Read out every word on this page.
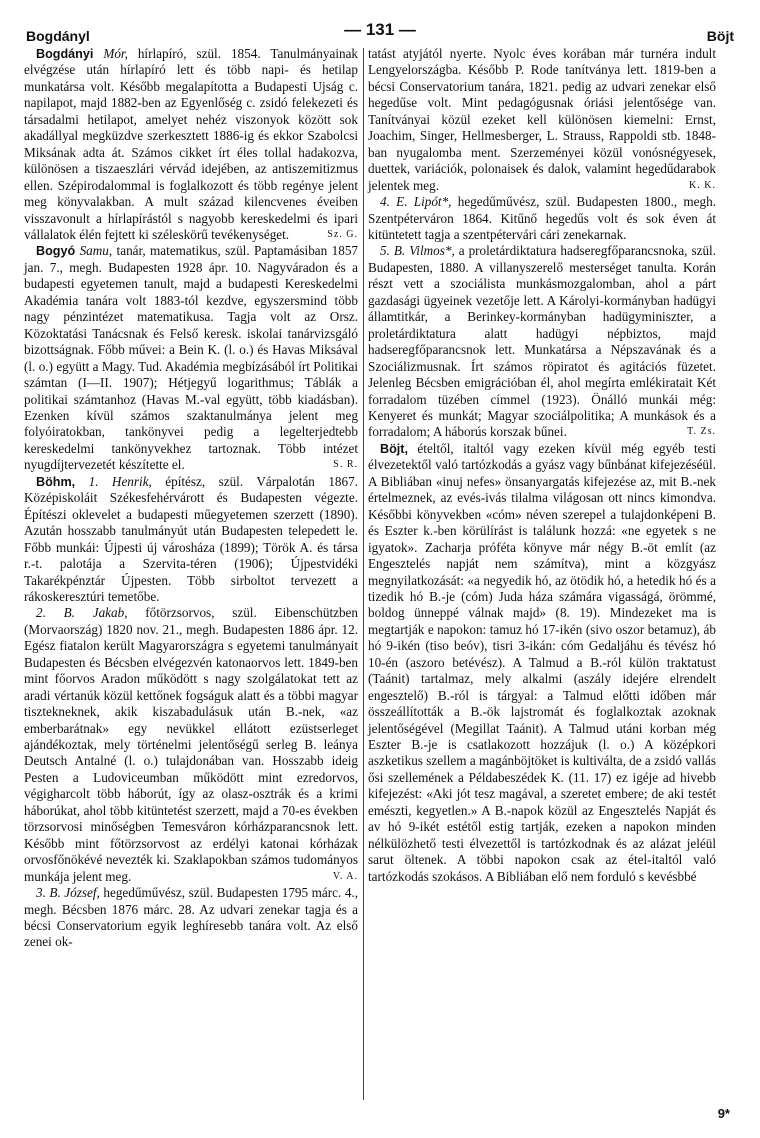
Bogdányl	— 131 —	Böjt

Bogdányi Mór, hírlapíró, szül. 1854. Tanulmányainak elvégzése után hírlapíró lett és több napi- és hetilap munkatársa volt. Később megalapította a Budapesti Ujság c. napilapot, majd 1882-ben az Egyenlőség c. zsidó felekezeti és társadalmi hetilapot, amelyet nehéz viszonyok között sok akadállyal megküzdve szerkesztett 1886-ig és ekkor Szabolcsi Miksának adta át. Számos cikket írt éles tollal hadakozva, különösen a tiszaeszlári vérvád idejében, az antiszemitizmus ellen. Szépirodalommal is foglalkozott és több regénye jelent meg könyvalakban. A mult század kilencvenes éveiben visszavonult a hírlapírástól s nagyobb kereskedelmi és ipari vállalatok élén fejtett ki széleskörű tevékenységet.	Sz. G.

Bogyó Samu, tanár, matematikus, szül. Paptamásiban 1857 jan. 7., megh. Budapesten 1928 ápr. 10. Nagyváradon és a budapesti egyetemen tanult, majd a budapesti Kereskedelmi Akadémia tanára volt 1883-tól kezdve, egyszersmind több nagy pénzintézet matematikusa. Tagja volt az Orsz. Közoktatási Tanácsnak és Felső keresk. iskolai tanárvizsgáló bizottságnak. Főbb művei: a Bein K. (l. o.) és Havas Miksával (l. o.) együtt a Magy. Tud. Akadémia megbízásából írt Politikai számtan (I—II. 1907); Hétjegyű logarithmus; Táblák a politikai számtanhoz (Havas M.-val együtt, több kiadásban). Ezenken kívül számos szaktanulmánya jelent meg folyóiratokban, tankönyvei pedig a legelterjedtebb kereskedelmi tankönyvekhez tartoznak. Több intézet nyugdíjtervezetét készítette el.	S. R.

Böhm, 1. Henrik, építész, szül. Várpalotán 1867. Középiskoláit Székesfehérvárott és Budapesten végezte. Építészi oklevelet a budapesti műegyetemen szerzett (1890). Azután hosszabb tanulmányút után Budapesten telepedett le. Főbb munkái: Újpesti új városháza (1899); Török A. és társa r.-t. palotája a Szervita-téren (1906); Újpestvidéki Takarékpénztár Újpesten. Több sirboltot tervezett a rákoskeresztúri temetőbe.

2. B. Jakab, főtörzsorvos, szül. Eibenschützben (Morvaország) 1820 nov. 21., megh. Budapesten 1886 ápr. 12. Egész fiatalon került Magyarországra s egyetemi tanulmányait Budapesten és Bécsben elvégezvén katonaorvos lett. 1849-ben mint főorvos Aradon működött s nagy szolgálatokat tett az aradi vértanúk közül kettőnek fogságuk alatt és a többi magyar tisztekneknek, akik kiszabadulásuk után B.-nek, «az emberbarátnak» egy nevükkel ellátott ezüstserleget ajándékoztak, mely történelmi jelentőségű serleg B. leánya Deutsch Antalné (l. o.) tulajdonában van. Hosszabb ideig Pesten a Ludoviceumban működött mint ezredorvos, végigharcolt több háborút, így az olasz-osztrák és a krimi háborúkat, ahol több kitüntetést szerzett, majd a 70-es években törzsorvosi minőségben Temesváron kórházparancsnok lett. Később mint főtörzsorvost az erdélyi katonai kórházak orvosfőnökévé nevezték ki. Szaklapokban számos tudományos munkája jelent meg.	V. A.

3. B. József, hegedűművész, szül. Budapesten 1795 márc. 4., megh. Bécsben 1876 márc. 28. Az udvari zenekar tagja és a bécsi Conservatorium egyik leghíresebb tanára volt. Az első zenei ok-

tatást atyjától nyerte. Nyolc éves korában már turnéra indult Lengyelországba. Később P. Rode tanítványa lett. 1819-ben a bécsi Conservatorium tanára, 1821. pedig az udvari zenekar első hegedűse volt. Mint pedagógusnak óriási jelentősége van. Tanítványai közül ezeket kell különösen kiemelni: Ernst, Joachim, Singer, Hellmesberger, L. Strauss, Rappoldi stb. 1848-ban nyugalomba ment. Szerzeményei közül vonósnégyesek, duettek, variációk, polonaisek és dalok, valamint hegedűdarabok jelentek meg.	K. K.

4. E. Lipót*, hegedűművész, szül. Budapesten 1800., megh. Szentpéterváron 1864. Kitűnő hegedűs volt és sok éven át kitüntetett tagja a szentpétervári cári zenekarnak.

5. B. Vilmos*, a proletárdiktatura hadseregfőparancsnoka, szül. Budapesten, 1880. A villanyszerelő mesterséget tanulta. Korán részt vett a szociálista munkásmozgalomban, ahol a párt gazdasági ügyeinek vezetője lett. A Károlyi-kormányban hadügyi államtitkár, a Berinkey-kormányban hadügyminiszter, a proletárdiktatura alatt hadügyi népbiztos, majd hadseregfőparancsnok lett. Munkatársa a Népszavának és a Szociálizmusnak. Írt számos röpiratot és agitációs füzetet. Jelenleg Bécsben emigrációban él, ahol megírta emlékiratait Két forradalom tüzében címmel (1923). Önálló munkái még: Kenyeret és munkát; Magyar szociálpolitika; A munkások és a forradalom; A háborús korszak bűnei.	T. Zs.

Böjt, ételtől, italtól vagy ezeken kívül még egyéb testi élvezetektől való tartózkodás a gyász vagy bűnbánat kifejezéséül. A Bibliában «inuj nefes» önsanyargatás kifejezése az, mit B.-nek értelmeznek, az evés-ivás tilalma világosan ott nincs kimondva. Későbbi könyvekben «cóm» néven szerepel a tulajdonképeni B. és Eszter k.-ben körülírást is találunk hozzá: «ne egyetek s ne igyatok». Zacharja próféta könyve már négy B.-öt említ (az Engesztelés napját nem számítva), mint a közgyász megnyilatkozását: «a negyedik hó, az ötödik hó, a hetedik hó és a tizedik hó B.-je (cóm) Juda háza számára vigasságá, örömmé, boldog ünneppé válnak majd» (8. 19). Mindezeket ma is megtartják e napokon: tamuz hó 17-ikén (sivo oszor betamuz), áb hó 9-ikén (tiso beóv), tisri 3-ikán: cóm Gedaljáhu és tévész hó 10-én (aszoro betévész). A Talmud a B.-ról külön traktatust (Taánit) tartalmaz, mely alkalmi (aszály idejére elrendelt engesztelő) B.-ról is tárgyal: a Talmud előtti időben már összeállították a B.-ök lajstromát és foglalkoztak azoknak jelentőségével (Megillat Taánit). A Talmud utáni korban még Eszter B.-je is csatlakozott hozzájuk (l. o.) A középkori aszketikus szellem a magánböjtöket is kultiválta, de a zsidó vallás ősi szellemének a Példabeszédek K. (11. 17) ez igéje ad hivebb kifejezést: «Aki jót tesz magával, a szeretet embere; de aki testét emészti, kegyetlen.» A B.-napok közül az Engesztelés Napját és av hó 9-ikét estétől estig tartják, ezeken a napokon minden nélkülözhető testi élvezettől is tartózkodnak és az alázat jeléül sarut öltenek. A többi napokon csak az étel-italtól való tartózkodás szokásos. A Bibliában elő nem forduló s kevésbbé

9*
